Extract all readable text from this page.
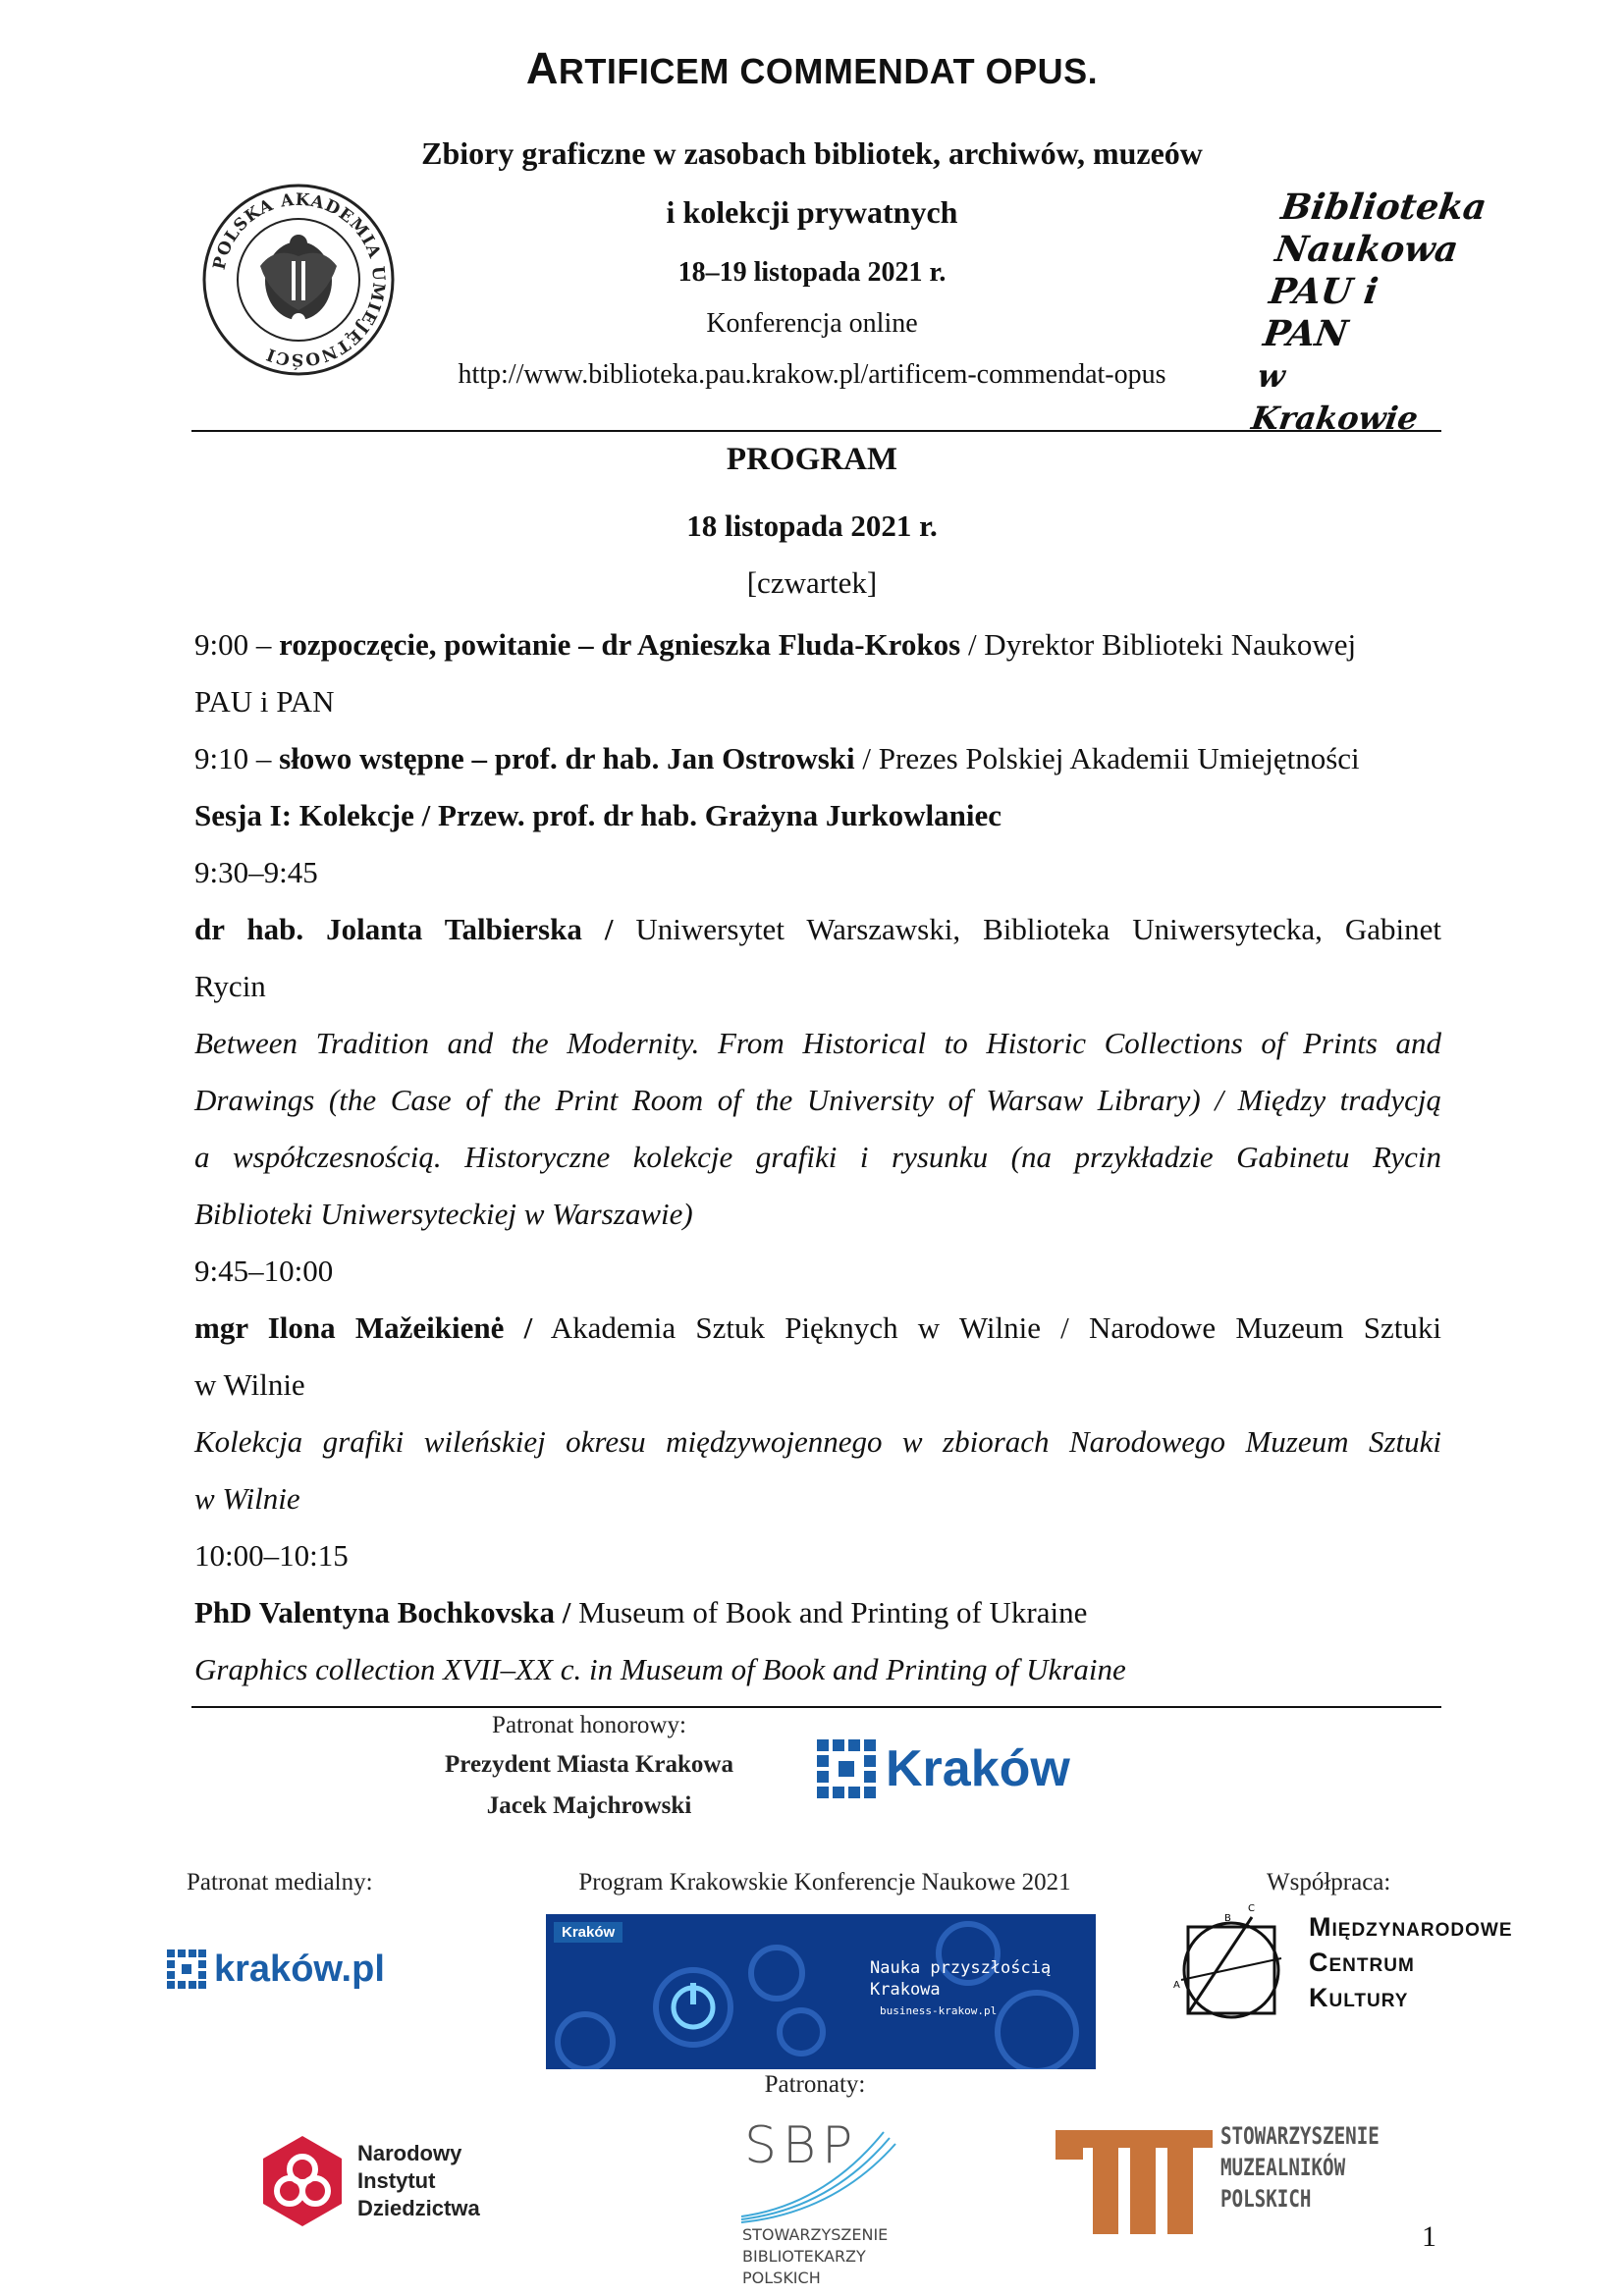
ARTIFICEM COMMENDAT OPUS.
Zbiory graficzne w zasobach bibliotek, archiwów, muzeów
i kolekcji prywatnych
18–19 listopada 2021 r.
Konferencja online
http://www.biblioteka.pau.krakow.pl/artificem-commendat-opus
POLSKA AKADEMIA UMIEJĘTNOŚCI
Biblioteka
Naukowa
PAU i PAN
w Krakowie
PROGRAM
18 listopada 2021 r.
[czwartek]
9:00 – rozpoczęcie, powitanie – dr Agnieszka Fluda-Krokos / Dyrektor Biblioteki Naukowej
PAU i PAN
9:10 – słowo wstępne – prof. dr hab. Jan Ostrowski / Prezes Polskiej Akademii Umiejętności
Sesja I: Kolekcje / Przew. prof. dr hab. Grażyna Jurkowlaniec
9:30–9:45
dr hab. Jolanta Talbierska / Uniwersytet Warszawski, Biblioteka Uniwersytecka, Gabinet
Rycin
Between Tradition and the Modernity. From Historical to Historic Collections of Prints and
Drawings (the Case of the Print Room of the University of Warsaw Library) / Między tradycją
a współczesnością. Historyczne kolekcje grafiki i rysunku (na przykładzie Gabinetu Rycin
Biblioteki Uniwersyteckiej w Warszawie)
9:45–10:00
mgr Ilona Mažeikienė / Akademia Sztuk Pięknych w Wilnie / Narodowe Muzeum Sztuki
w Wilnie
Kolekcja grafiki wileńskiej okresu międzywojennego w zbiorach Narodowego Muzeum Sztuki
w Wilnie
10:00–10:15
PhD Valentyna Bochkovska / Museum of Book and Printing of Ukraine
Graphics collection XVII–XX c. in Museum of Book and Printing of Ukraine
Patronat honorowy:
Prezydent Miasta Krakowa
Jacek Majchrowski
Kraków
Patronat medialny:	Program Krakowskie Konferencje Naukowe 2021	Współpraca:
kraków.pl
Kraków
Nauka przyszłością
Krakowa
business-krakow.pl
A
B
C
Międzynarodowe
Centrum
Kultury
Patronaty:
Narodowy
Instytut
Dziedzictwa
SBP
STOWARZYSZENIE
BIBLIOTEKARZY
POLSKICH
STOWARZYSZENIE
MUZEALNIKÓW
POLSKICH
1
